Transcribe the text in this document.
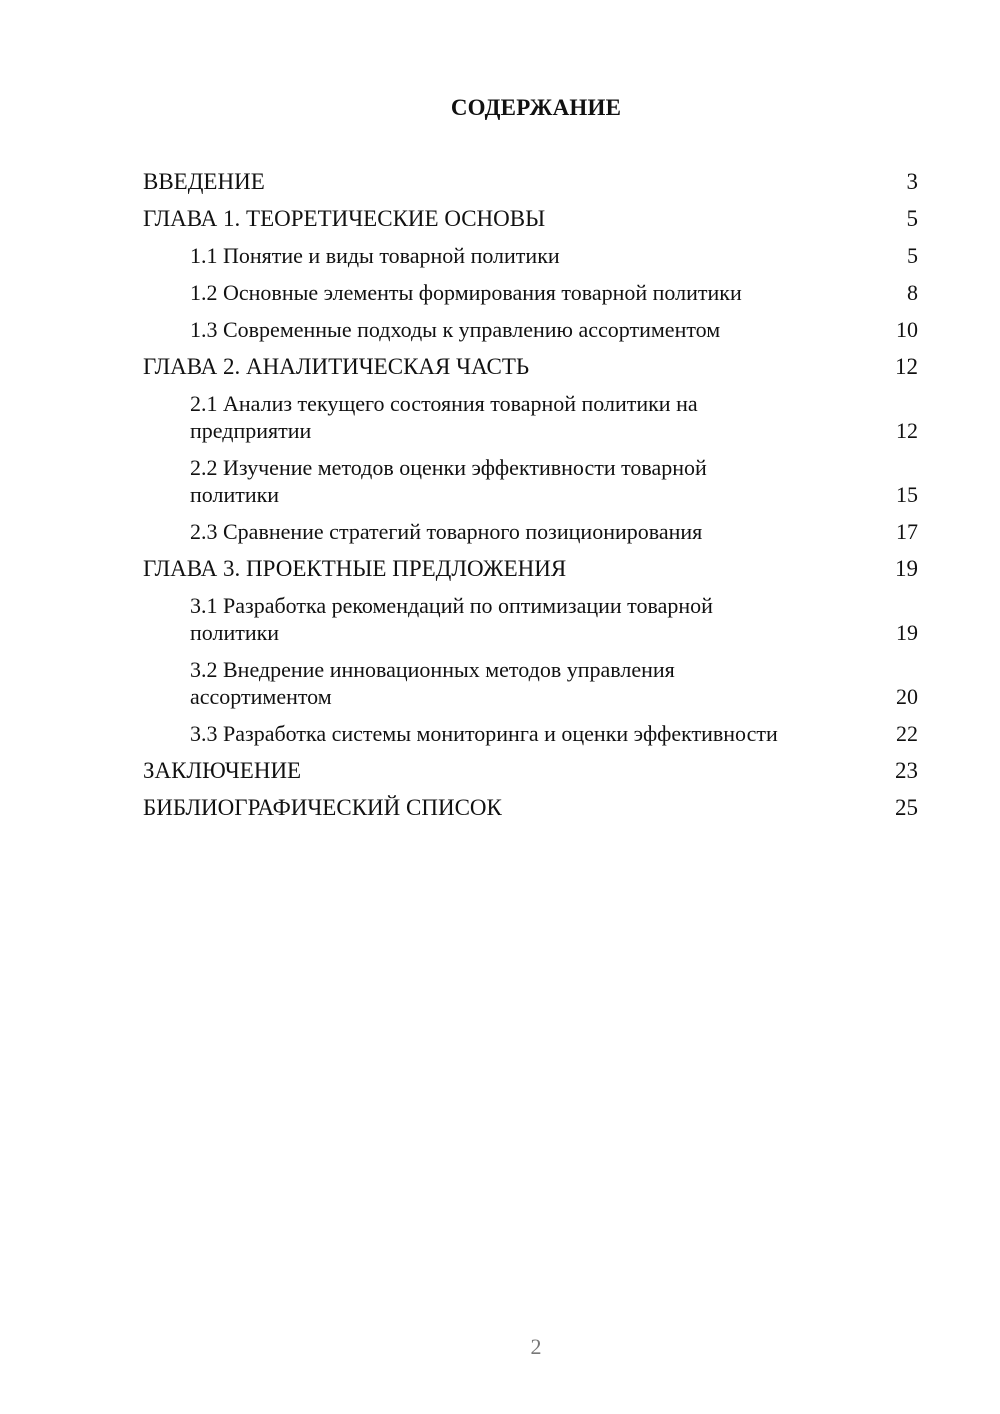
СОДЕРЖАНИЕ
ВВЕДЕНИЕ	3
ГЛАВА 1. ТЕОРЕТИЧЕСКИЕ ОСНОВЫ	5
1.1 Понятие и виды товарной политики	5
1.2 Основные элементы формирования товарной политики	8
1.3 Современные подходы к управлению ассортиментом	10
ГЛАВА 2. АНАЛИТИЧЕСКАЯ ЧАСТЬ	12
2.1 Анализ текущего состояния товарной политики на предприятии	12
2.2 Изучение методов оценки эффективности товарной политики	15
2.3 Сравнение стратегий товарного позиционирования	17
ГЛАВА 3. ПРОЕКТНЫЕ ПРЕДЛОЖЕНИЯ	19
3.1 Разработка рекомендаций по оптимизации товарной политики	19
3.2 Внедрение инновационных методов управления ассортиментом	20
3.3 Разработка системы мониторинга и оценки эффективности	22
ЗАКЛЮЧЕНИЕ	23
БИБЛИОГРАФИЧЕСКИЙ СПИСОК	25
2
